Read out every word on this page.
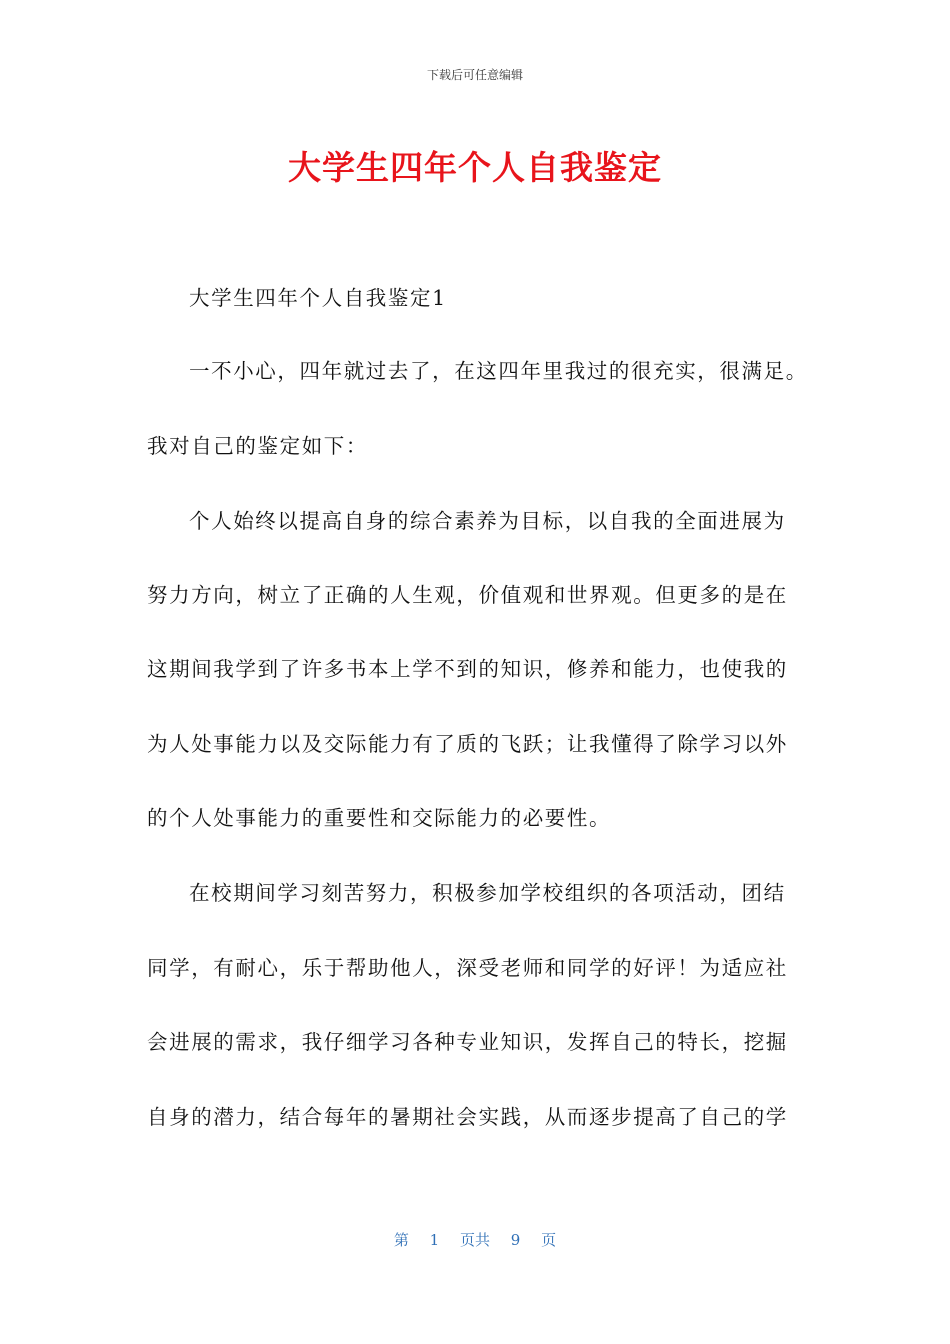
下载后可任意编辑
大学生四年个人自我鉴定
大学生四年个人自我鉴定1
一不小心，四年就过去了，在这四年里我过的很充实，很满足。
我对自己的鉴定如下：
个人始终以提高自身的综合素养为目标，以自我的全面进展为
努力方向，树立了正确的人生观，价值观和世界观。但更多的是在
这期间我学到了许多书本上学不到的知识，修养和能力，也使我的
为人处事能力以及交际能力有了质的飞跃；让我懂得了除学习以外
的个人处事能力的重要性和交际能力的必要性。
在校期间学习刻苦努力，积极参加学校组织的各项活动，团结
同学，有耐心，乐于帮助他人，深受老师和同学的好评！为适应社
会进展的需求，我仔细学习各种专业知识，发挥自己的特长，挖掘
自身的潜力，结合每年的暑期社会实践，从而逐步提高了自己的学
第 1 页共 9 页
